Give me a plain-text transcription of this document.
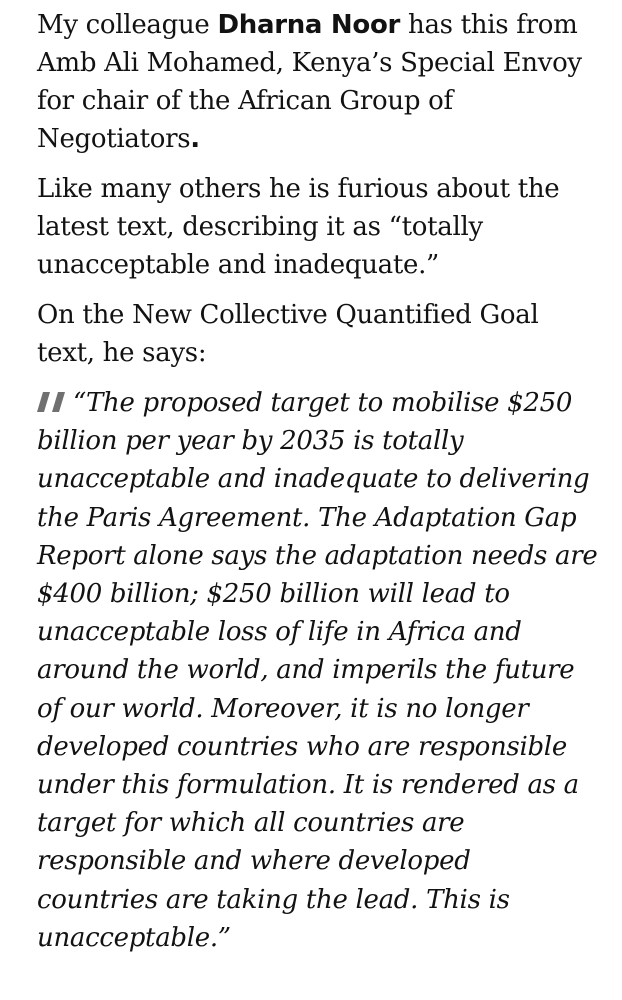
My colleague Dharna Noor has this from Amb Ali Mohamed, Kenya’s Special Envoy for chair of the African Group of Negotiators.

Like many others he is furious about the latest text, describing it as “totally unacceptable and inadequate.”

On the New Collective Quantified Goal text, he says:

“The proposed target to mobilise $250 billion per year by 2035 is totally unacceptable and inadequate to delivering the Paris Agreement. The Adaptation Gap Report alone says the adaptation needs are $400 billion; $250 billion will lead to unacceptable loss of life in Africa and around the world, and imperils the future of our world. Moreover, it is no longer developed countries who are responsible under this formulation. It is rendered as a target for which all countries are responsible and where developed countries are taking the lead. This is unacceptable.”
